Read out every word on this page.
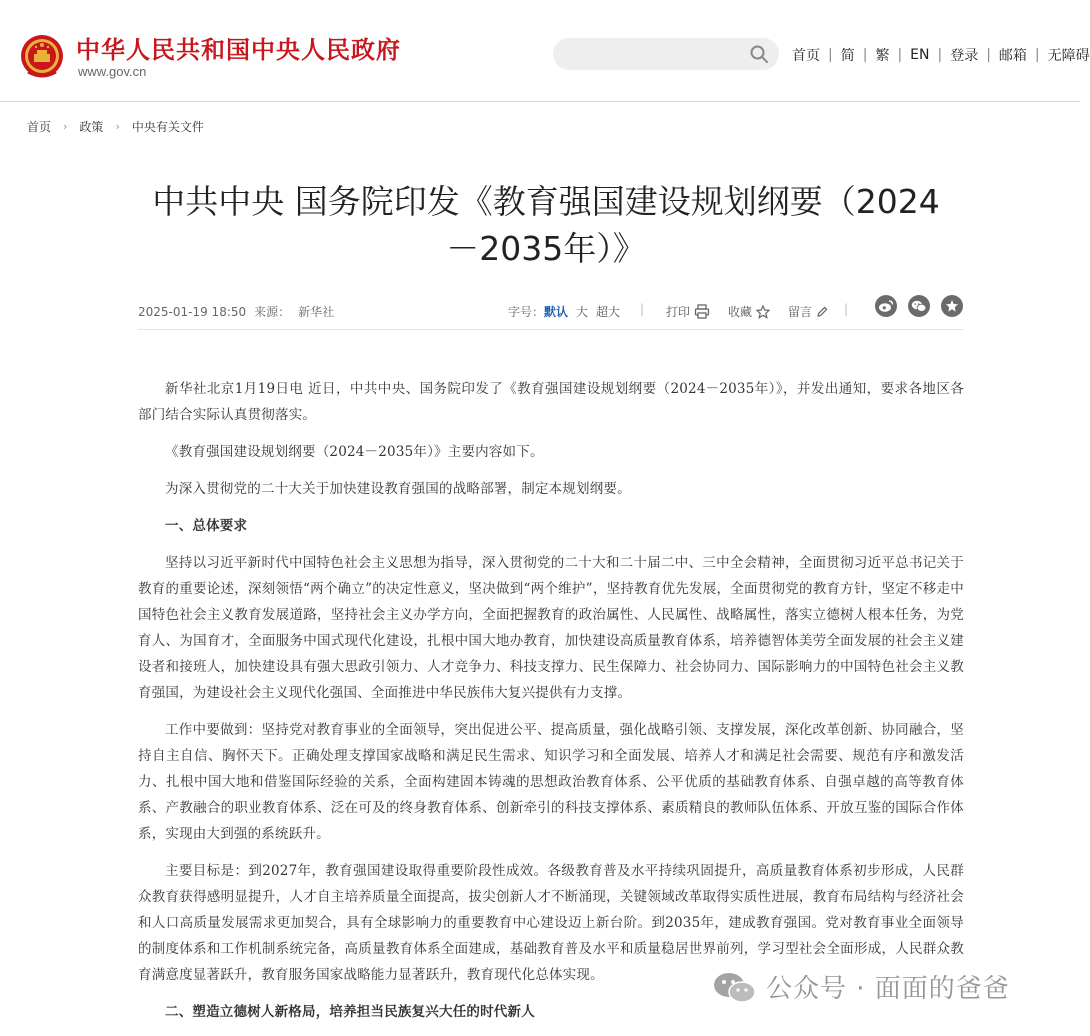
中华人民共和国中央人民政府
www.gov.cn
首页 | 简 | 繁 | EN | 登录 | 邮箱 | 无障碍
首页 › 政策 › 中央有关文件
中共中央 国务院印发《教育强国建设规划纲要（2024－2035年）》
2025-01-19 18:50 来源： 新华社	字号：默认 大 超大 | 打印	收藏	留言	|

新华社北京1月19日电 近日，中共中央、国务院印发了《教育强国建设规划纲要（2024－2035年）》，并发出通知，要求各地区各部门结合实际认真贯彻落实。

《教育强国建设规划纲要（2024－2035年）》主要内容如下。

为深入贯彻党的二十大关于加快建设教育强国的战略部署，制定本规划纲要。

一、总体要求

坚持以习近平新时代中国特色社会主义思想为指导，深入贯彻党的二十大和二十届二中、三中全会精神，全面贯彻习近平总书记关于教育的重要论述，深刻领悟“两个确立”的决定性意义，坚决做到“两个维护”，坚持教育优先发展，全面贯彻党的教育方针，坚定不移走中国特色社会主义教育发展道路，坚持社会主义办学方向，全面把握教育的政治属性、人民属性、战略属性，落实立德树人根本任务，为党育人、为国育才，全面服务中国式现代化建设，扎根中国大地办教育，加快建设高质量教育体系，培养德智体美劳全面发展的社会主义建设者和接班人，加快建设具有强大思政引领力、人才竞争力、科技支撑力、民生保障力、社会协同力、国际影响力的中国特色社会主义教育强国，为建设社会主义现代化强国、全面推进中华民族伟大复兴提供有力支撑。

工作中要做到：坚持党对教育事业的全面领导，突出促进公平、提高质量，强化战略引领、支撑发展，深化改革创新、协同融合，坚持自主自信、胸怀天下。正确处理支撑国家战略和满足民生需求、知识学习和全面发展、培养人才和满足社会需要、规范有序和激发活力、扎根中国大地和借鉴国际经验的关系，全面构建固本铸魂的思想政治教育体系、公平优质的基础教育体系、自强卓越的高等教育体系、产教融合的职业教育体系、泛在可及的终身教育体系、创新牵引的科技支撑体系、素质精良的教师队伍体系、开放互鉴的国际合作体系，实现由大到强的系统跃升。

主要目标是：到2027年，教育强国建设取得重要阶段性成效。各级教育普及水平持续巩固提升，高质量教育体系初步形成，人民群众教育获得感明显提升，人才自主培养质量全面提高，拔尖创新人才不断涌现，关键领域改革取得实质性进展，教育布局结构与经济社会和人口高质量发展需求更加契合，具有全球影响力的重要教育中心建设迈上新台阶。到2035年，建成教育强国。党对教育事业全面领导的制度体系和工作机制系统完备，高质量教育体系全面建成，基础教育普及水平和质量稳居世界前列，学习型社会全面形成，人民群众教育满意度显著跃升，教育服务国家战略能力显著跃升，教育现代化总体实现。

二、塑造立德树人新格局，培养担当民族复兴大任的时代新人

公众号 · 面面的爸爸
